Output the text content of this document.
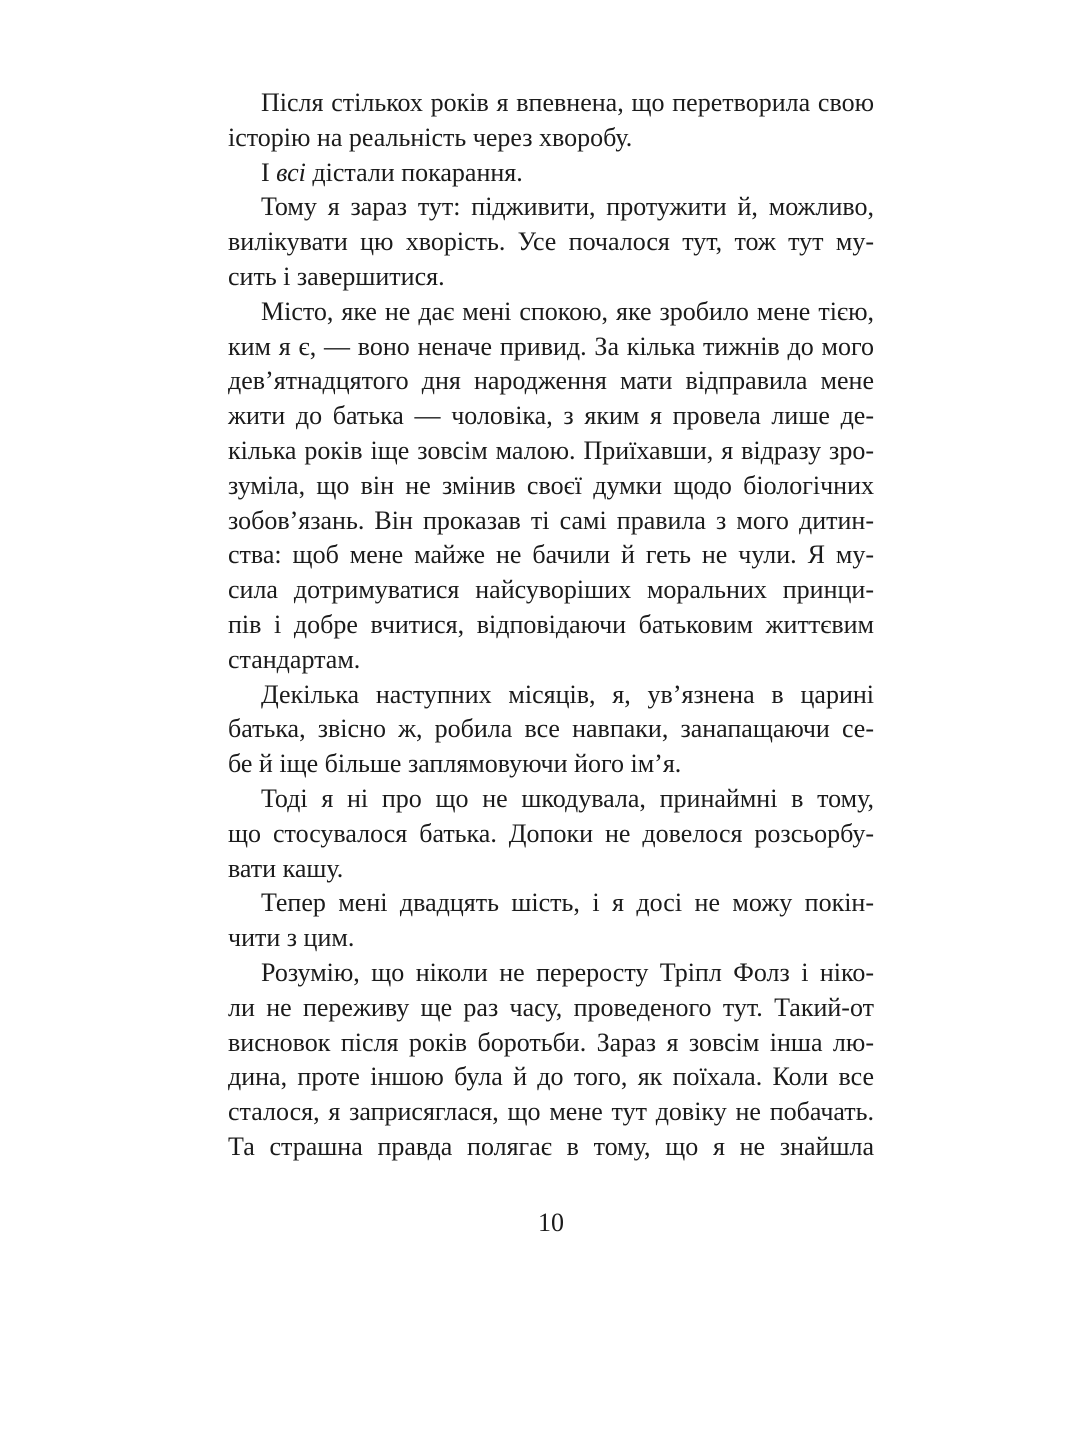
Після стількох років я впевнена, що перетворила свою
історію на реальність через хворобу.
І всі дістали покарання.
Тому я зараз тут: підживити, протужити й, можливо,
вилікувати цю хворість. Усе почалося тут, тож тут му-
сить і завершитися.
Місто, яке не дає мені спокою, яке зробило мене тією,
ким я є, — воно неначе привид. За кілька тижнів до мого
дев’ятнадцятого дня народження мати відправила мене
жити до батька — чоловіка, з яким я провела лише де-
кілька років іще зовсім малою. Приїхавши, я відразу зро-
зуміла, що він не змінив своєї думки щодо біологічних
зобов’язань. Він проказав ті самі правила з мого дитин-
ства: щоб мене майже не бачили й геть не чули. Я му-
сила дотримуватися найсуворіших моральних принци-
пів і добре вчитися, відповідаючи батьковим життєвим
стандартам.
Декілька наступних місяців, я, ув’язнена в царині
батька, звісно ж, робила все навпаки, занапащаючи се-
бе й іще більше заплямовуючи його ім’я.
Тоді я ні про що не шкодувала, принаймні в тому,
що стосувалося батька. Допоки не довелося розсьорбу-
вати кашу.
Тепер мені двадцять шість, і я досі не можу покін-
чити з цим.
Розумію, що ніколи не переросту Тріпл Фолз і ніко-
ли не переживу ще раз часу, проведеного тут. Такий-от
висновок після років боротьби. Зараз я зовсім інша лю-
дина, проте іншою була й до того, як поїхала. Коли все
сталося, я заприсяглася, що мене тут довіку не побачать.
Та страшна правда полягає в тому, що я не знайшла
10
